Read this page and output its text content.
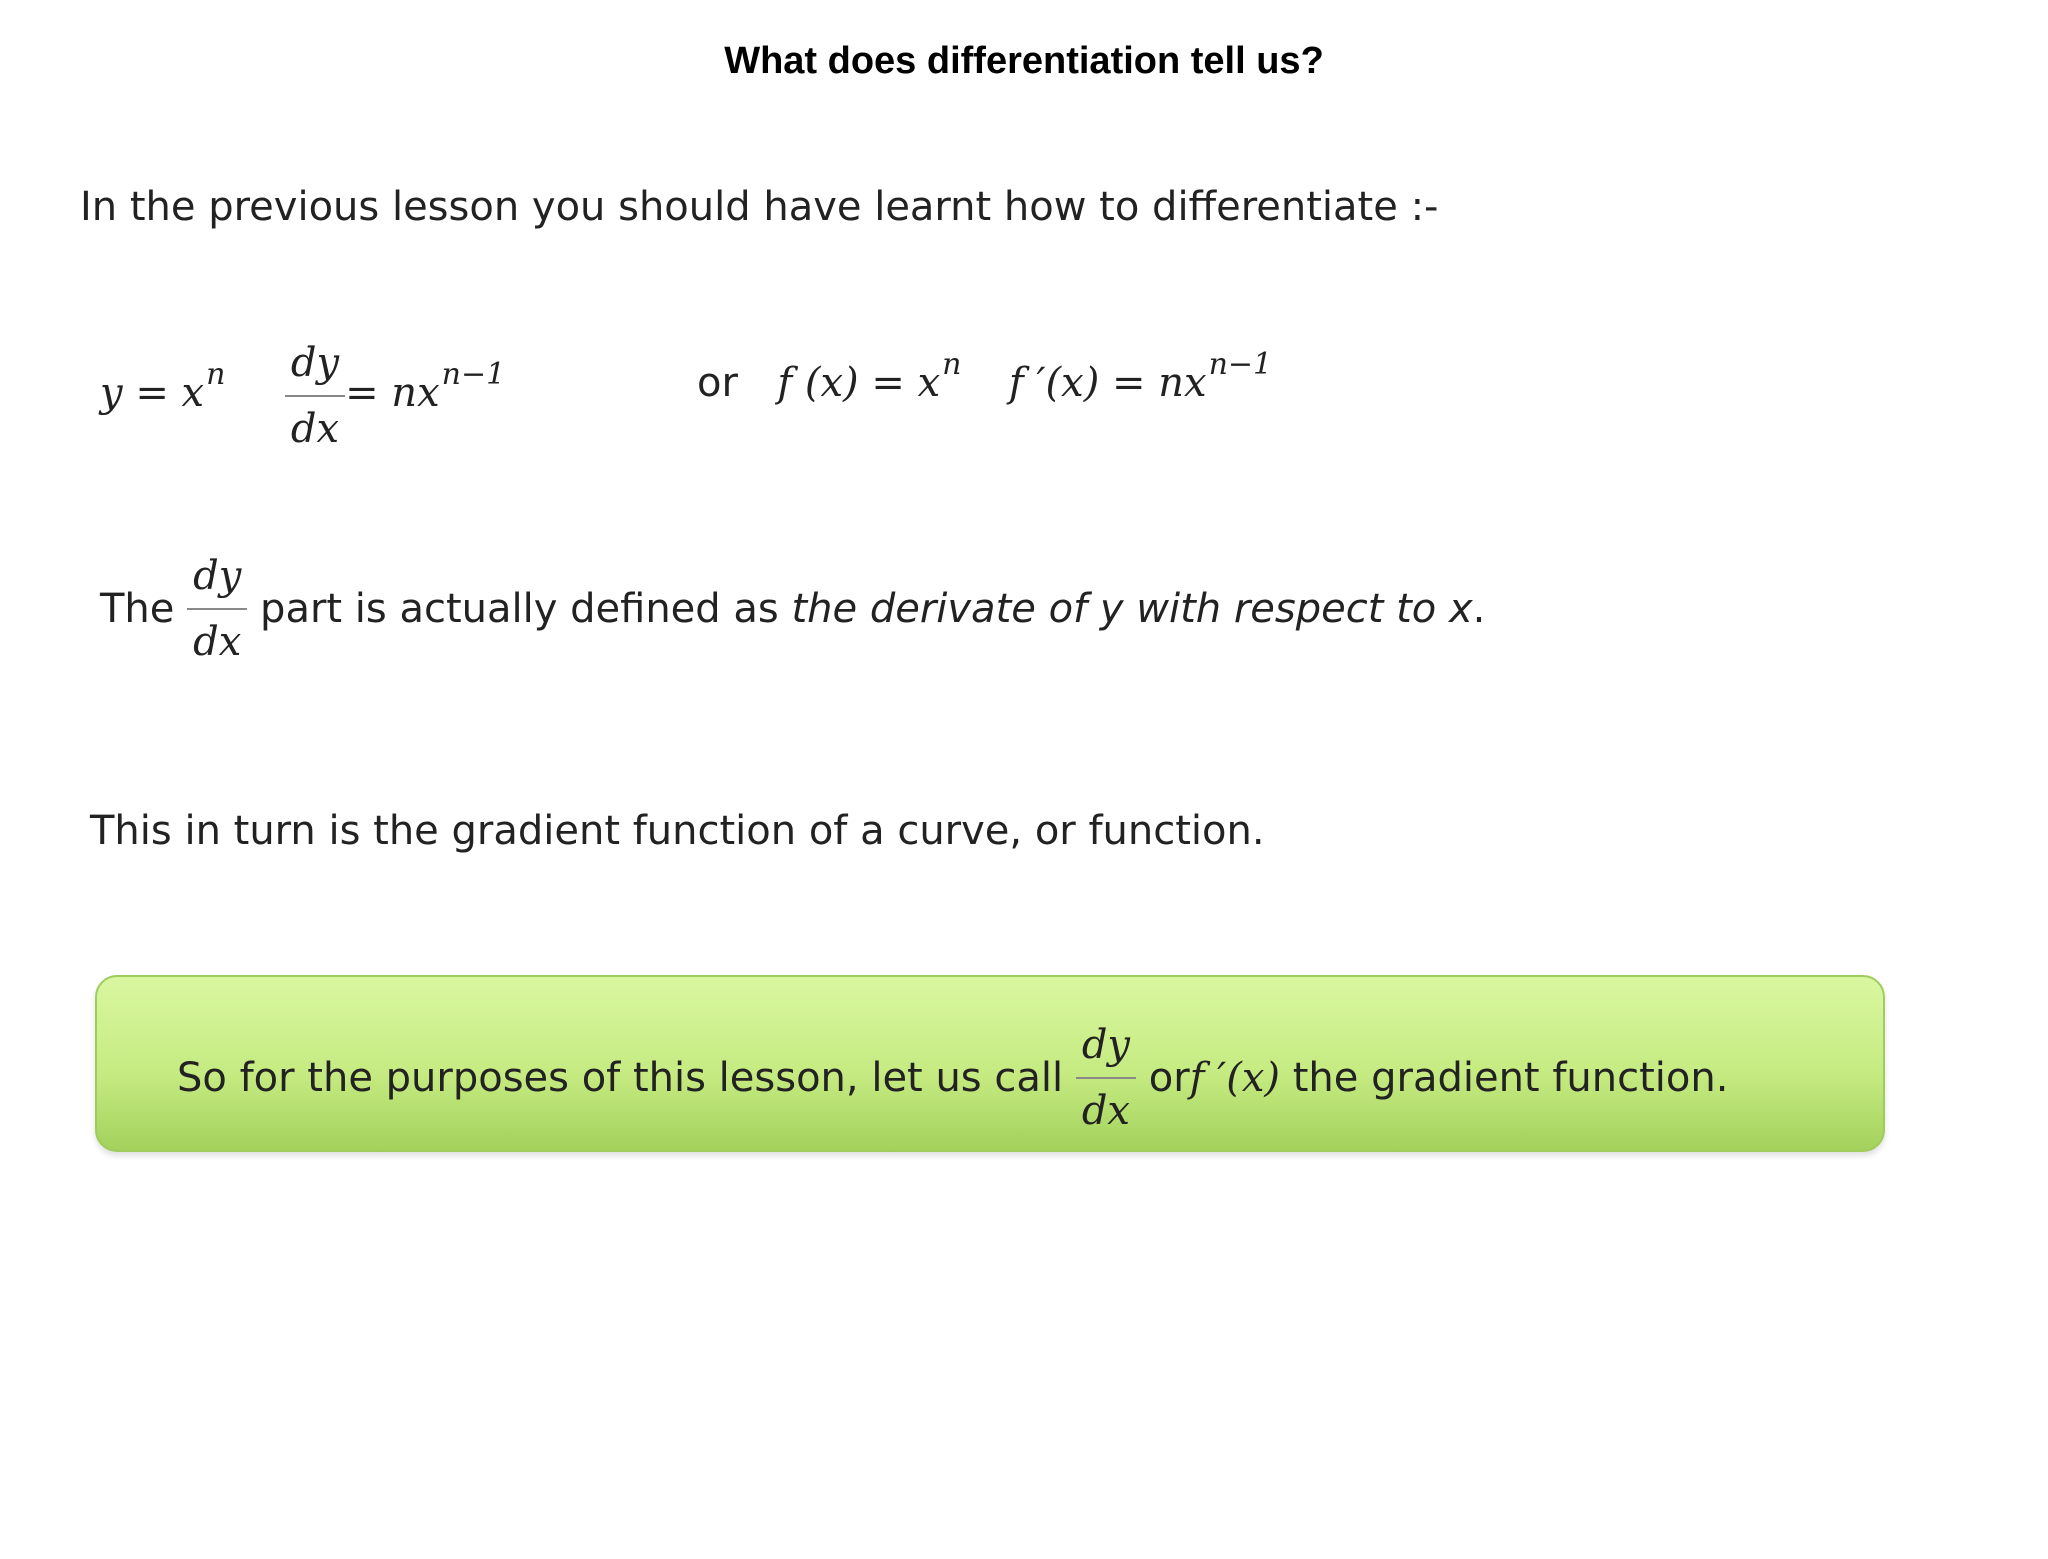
What does differentiation tell us?
In the previous lesson you should have learnt how to differentiate :-
$y = x^n \frac{dy}{dx} = nx^{n-1}$	or f $(x) = x^n$ f $'(x) = nx^{n-1}$
The $\frac{dy}{dx}$ part is actually defined as the derivate of y with respect to x.
This in turn is the gradient function of a curve, or function.
So for the purposes of this lesson, let us call $\frac{dy}{dx}$ orf ′(x) the gradient function.
